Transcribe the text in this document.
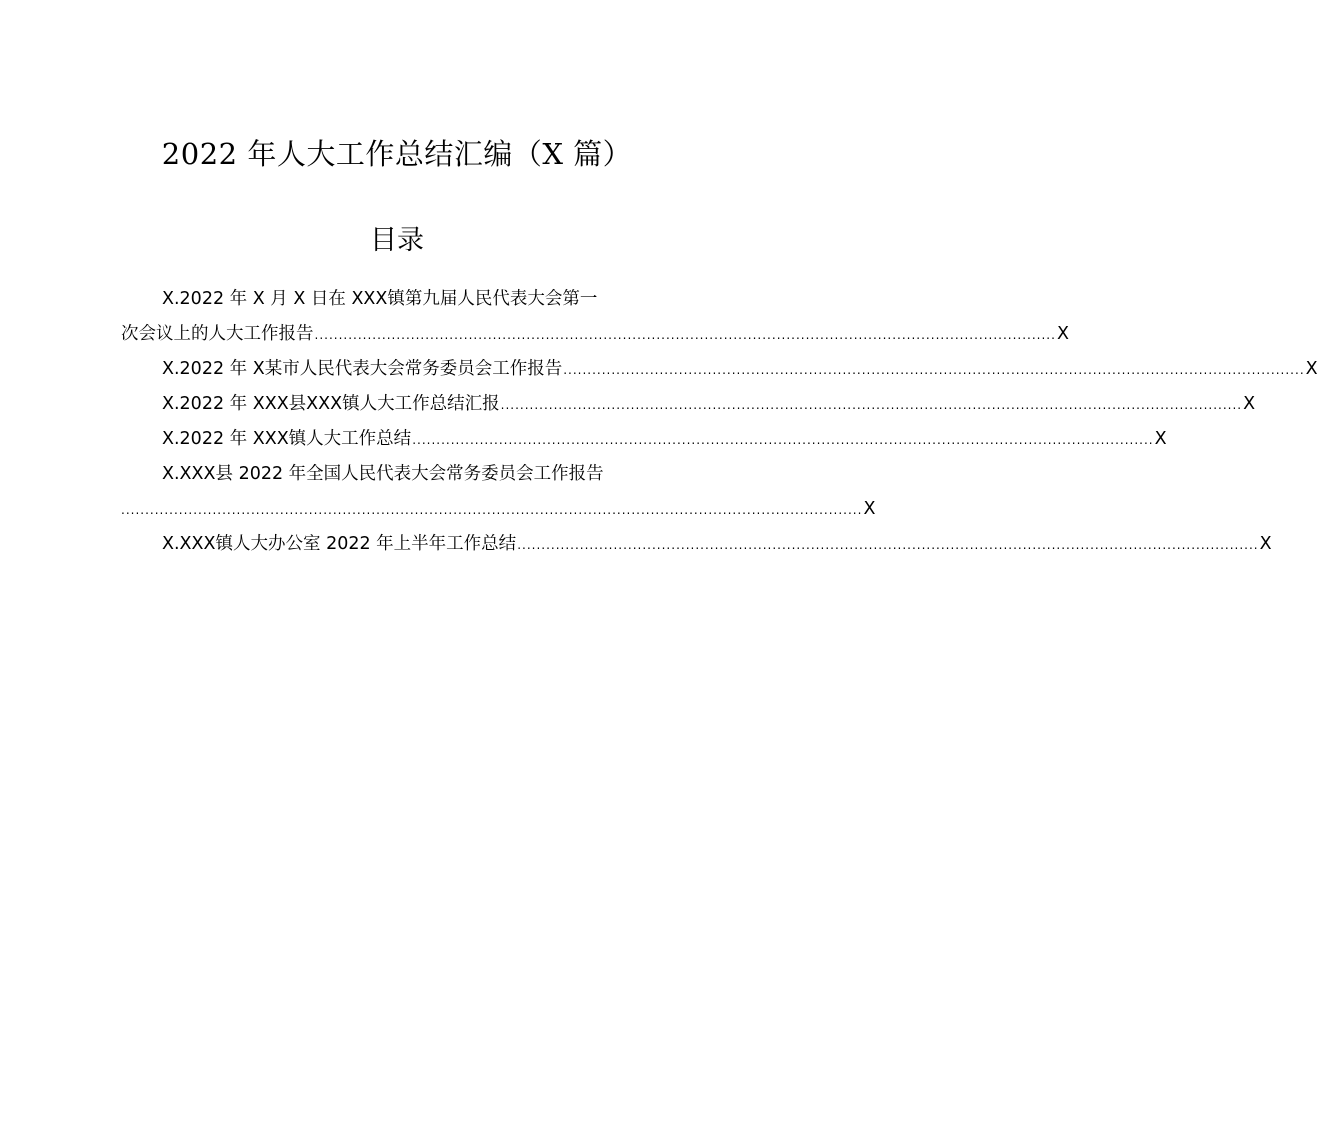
2022 年人大工作总结汇编（X 篇）
目录
X.2022 年 X 月 X 日在 XXX镇第九届人民代表大会第一
次会议上的人大工作报告 .......................................................................................................................................................... X
X.2022 年 X某市人民代表大会常务委员会工作报告 .......................................................................................................................................................... X
X.2022 年 XXX县XXX镇人大工作总结汇报 .......................................................................................................................................................... X
X.2022 年 XXX镇人大工作总结 .......................................................................................................................................................... X
X.XXX县 2022 年全国人民代表大会常务委员会工作报告
.......................................................................................................................................................... X
X.XXX镇人大办公室 2022 年上半年工作总结 .......................................................................................................................................................... X
